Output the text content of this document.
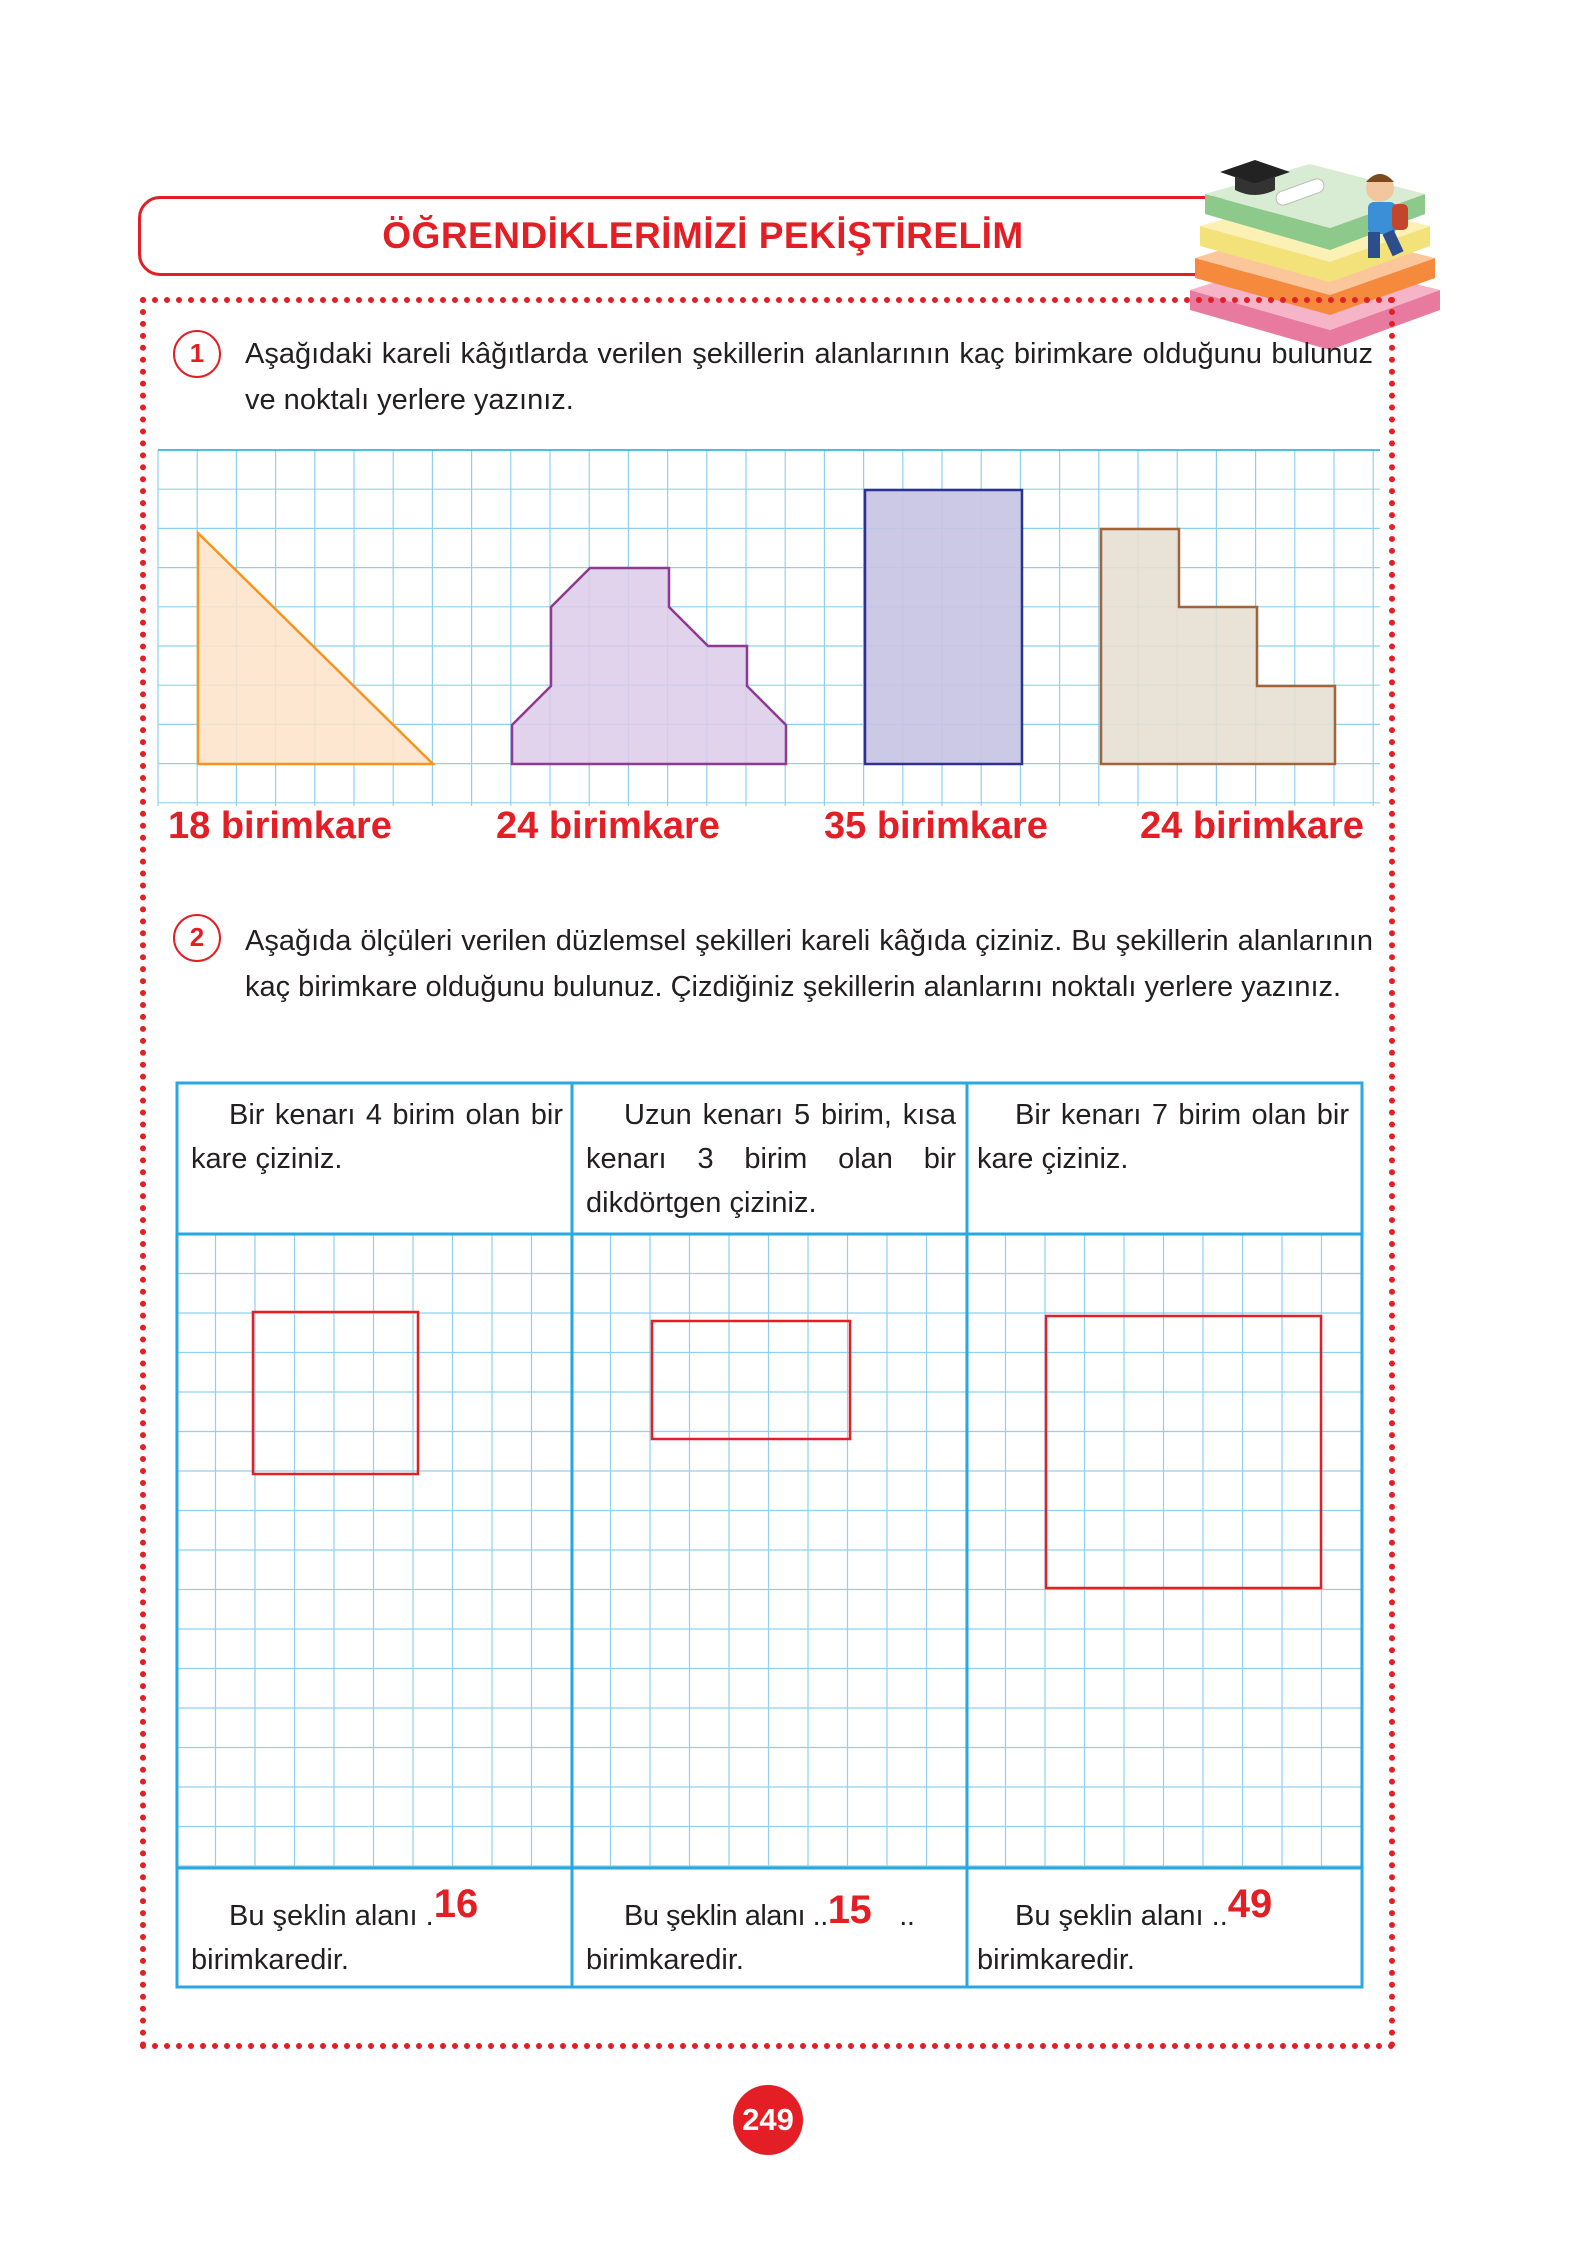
ÖĞRENDİKLERİMİZİ PEKİŞTİRELİM
1	Aşağıdaki kareli kâğıtlarda verilen şekillerin alanlarının kaç birimkare olduğunu bulunuz ve noktalı yerlere yazınız.
18 birimkare	24 birimkare	35 birimkare 24 birimkare
2	Aşağıda ölçüleri verilen düzlemsel şekilleri kareli kâğıda çiziniz. Bu şekillerin alanlarının kaç birimkare olduğunu bulunuz. Çizdiğiniz şekillerin alanlarını noktalı yerlere yazınız.
Bir kenarı 4 birim olan bir kare çiziniz.
Uzun kenarı 5 birim, kısa kenarı 3 birim olan bir dikdörtgen çiziniz.
Bir kenarı 7 birim olan bir kare çiziniz.
Bu şeklin alanı .16
birimkaredir.
Bu şeklin alanı ..15 ..
birimkaredir.
Bu şeklin alanı ..49
birimkaredir.
249
